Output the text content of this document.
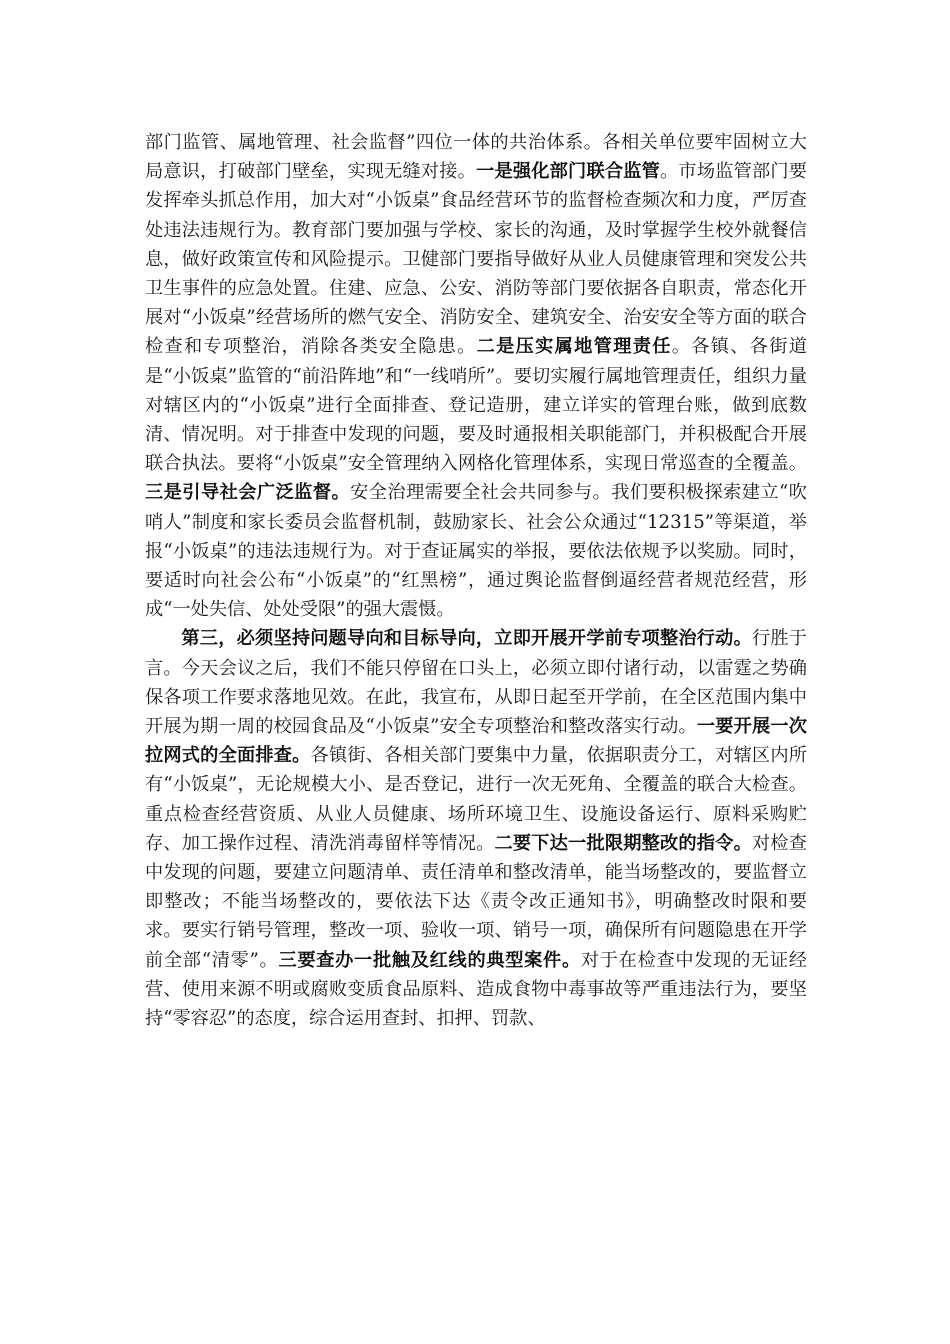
部门监管、属地管理、社会监督”四位一体的共治体系。各相关单位要牢固树立大局意识，打破部门壁垒，实现无缝对接。一是强化部门联合监管。市场监管部门要发挥牵头抓总作用，加大对“小饭桌”食品经营环节的监督检查频次和力度，严厉查处违法违规行为。教育部门要加强与学校、家长的沟通，及时掌握学生校外就餐信息，做好政策宣传和风险提示。卫健部门要指导做好从业人员健康管理和突发公共卫生事件的应急处置。住建、应急、公安、消防等部门要依据各自职责，常态化开展对“小饭桌”经营场所的燃气安全、消防安全、建筑安全、治安安全等方面的联合检查和专项整治，消除各类安全隐患。二是压实属地管理责任。各镇、各街道是“小饭桌”监管的“前沿阵地”和“一线哨所”。要切实履行属地管理责任，组织力量对辖区内的“小饭桌”进行全面排查、登记造册，建立详实的管理台账，做到底数清、情况明。对于排查中发现的问题，要及时通报相关职能部门，并积极配合开展联合执法。要将“小饭桌”安全管理纳入网格化管理体系，实现日常巡查的全覆盖。三是引导社会广泛监督。安全治理需要全社会共同参与。我们要积极探索建立“吹哨人”制度和家长委员会监督机制，鼓励家长、社会公众通过“12315”等渠道，举报“小饭桌”的违法违规行为。对于查证属实的举报，要依法依规予以奖励。同时，要适时向社会公布“小饭桌”的“红黑榜”，通过舆论监督倒逼经营者规范经营，形成“一处失信、处处受限”的强大震慑。

第三，必须坚持问题导向和目标导向，立即开展开学前专项整治行动。行胜于言。今天会议之后，我们不能只停留在口头上，必须立即付诸行动，以雷霆之势确保各项工作要求落地见效。在此，我宣布，从即日起至开学前，在全区范围内集中开展为期一周的校园食品及“小饭桌”安全专项整治和整改落实行动。一要开展一次拉网式的全面排查。各镇街、各相关部门要集中力量，依据职责分工，对辖区内所有“小饭桌”，无论规模大小、是否登记，进行一次无死角、全覆盖的联合大检查。重点检查经营资质、从业人员健康、场所环境卫生、设施设备运行、原料采购贮存、加工操作过程、清洗消毒留样等情况。二要下达一批限期整改的指令。对检查中发现的问题，要建立问题清单、责任清单和整改清单，能当场整改的，要监督立即整改；不能当场整改的，要依法下达《责令改正通知书》，明确整改时限和要求。要实行销号管理，整改一项、验收一项、销号一项，确保所有问题隐患在开学前全部“清零”。三要查办一批触及红线的典型案件。对于在检查中发现的无证经营、使用来源不明或腐败变质食品原料、造成食物中毒事故等严重违法行为，要坚持“零容忍”的态度，综合运用查封、扣押、罚款、
